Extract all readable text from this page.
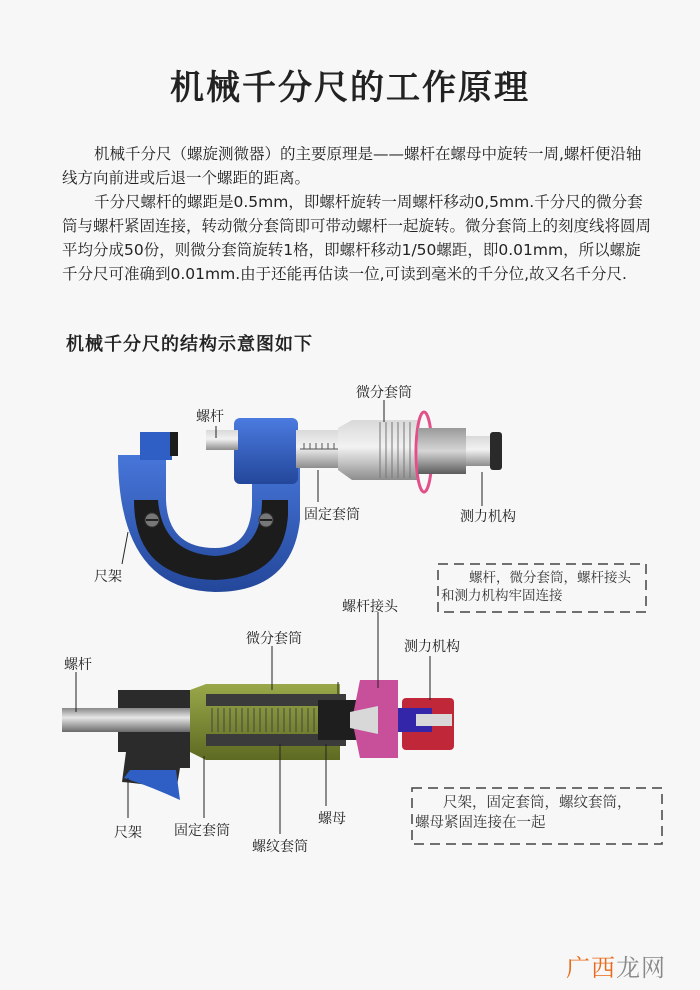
机械千分尺的工作原理

机械千分尺（螺旋测微器）的主要原理是——螺杆在螺母中旋转一周,螺杆便沿轴线方向前进或后退一个螺距的距离。

千分尺螺杆的螺距是0.5mm，即螺杆旋转一周螺杆移动0,5mm.千分尺的微分套筒与螺杆紧固连接，转动微分套筒即可带动螺杆一起旋转。微分套筒上的刻度线将圆周平均分成50份，则微分套筒旋转1格，即螺杆移动1/50螺距，即0.01mm，所以螺旋千分尺可准确到0.01mm.由于还能再估读一位,可读到毫米的千分位,故又名千分尺.

机械千分尺的结构示意图如下
螺杆
微分套筒
固定套筒	测力机构
尺架	螺杆，微分套筒，螺杆接头
和测力机构牢固连接
螺杆
微分套筒
螺杆接头
测力机构
尺架 固定套筒
螺纹套筒
螺母
尺架，固定套筒，螺纹套筒，
螺母紧固连接在一起
广西龙网
